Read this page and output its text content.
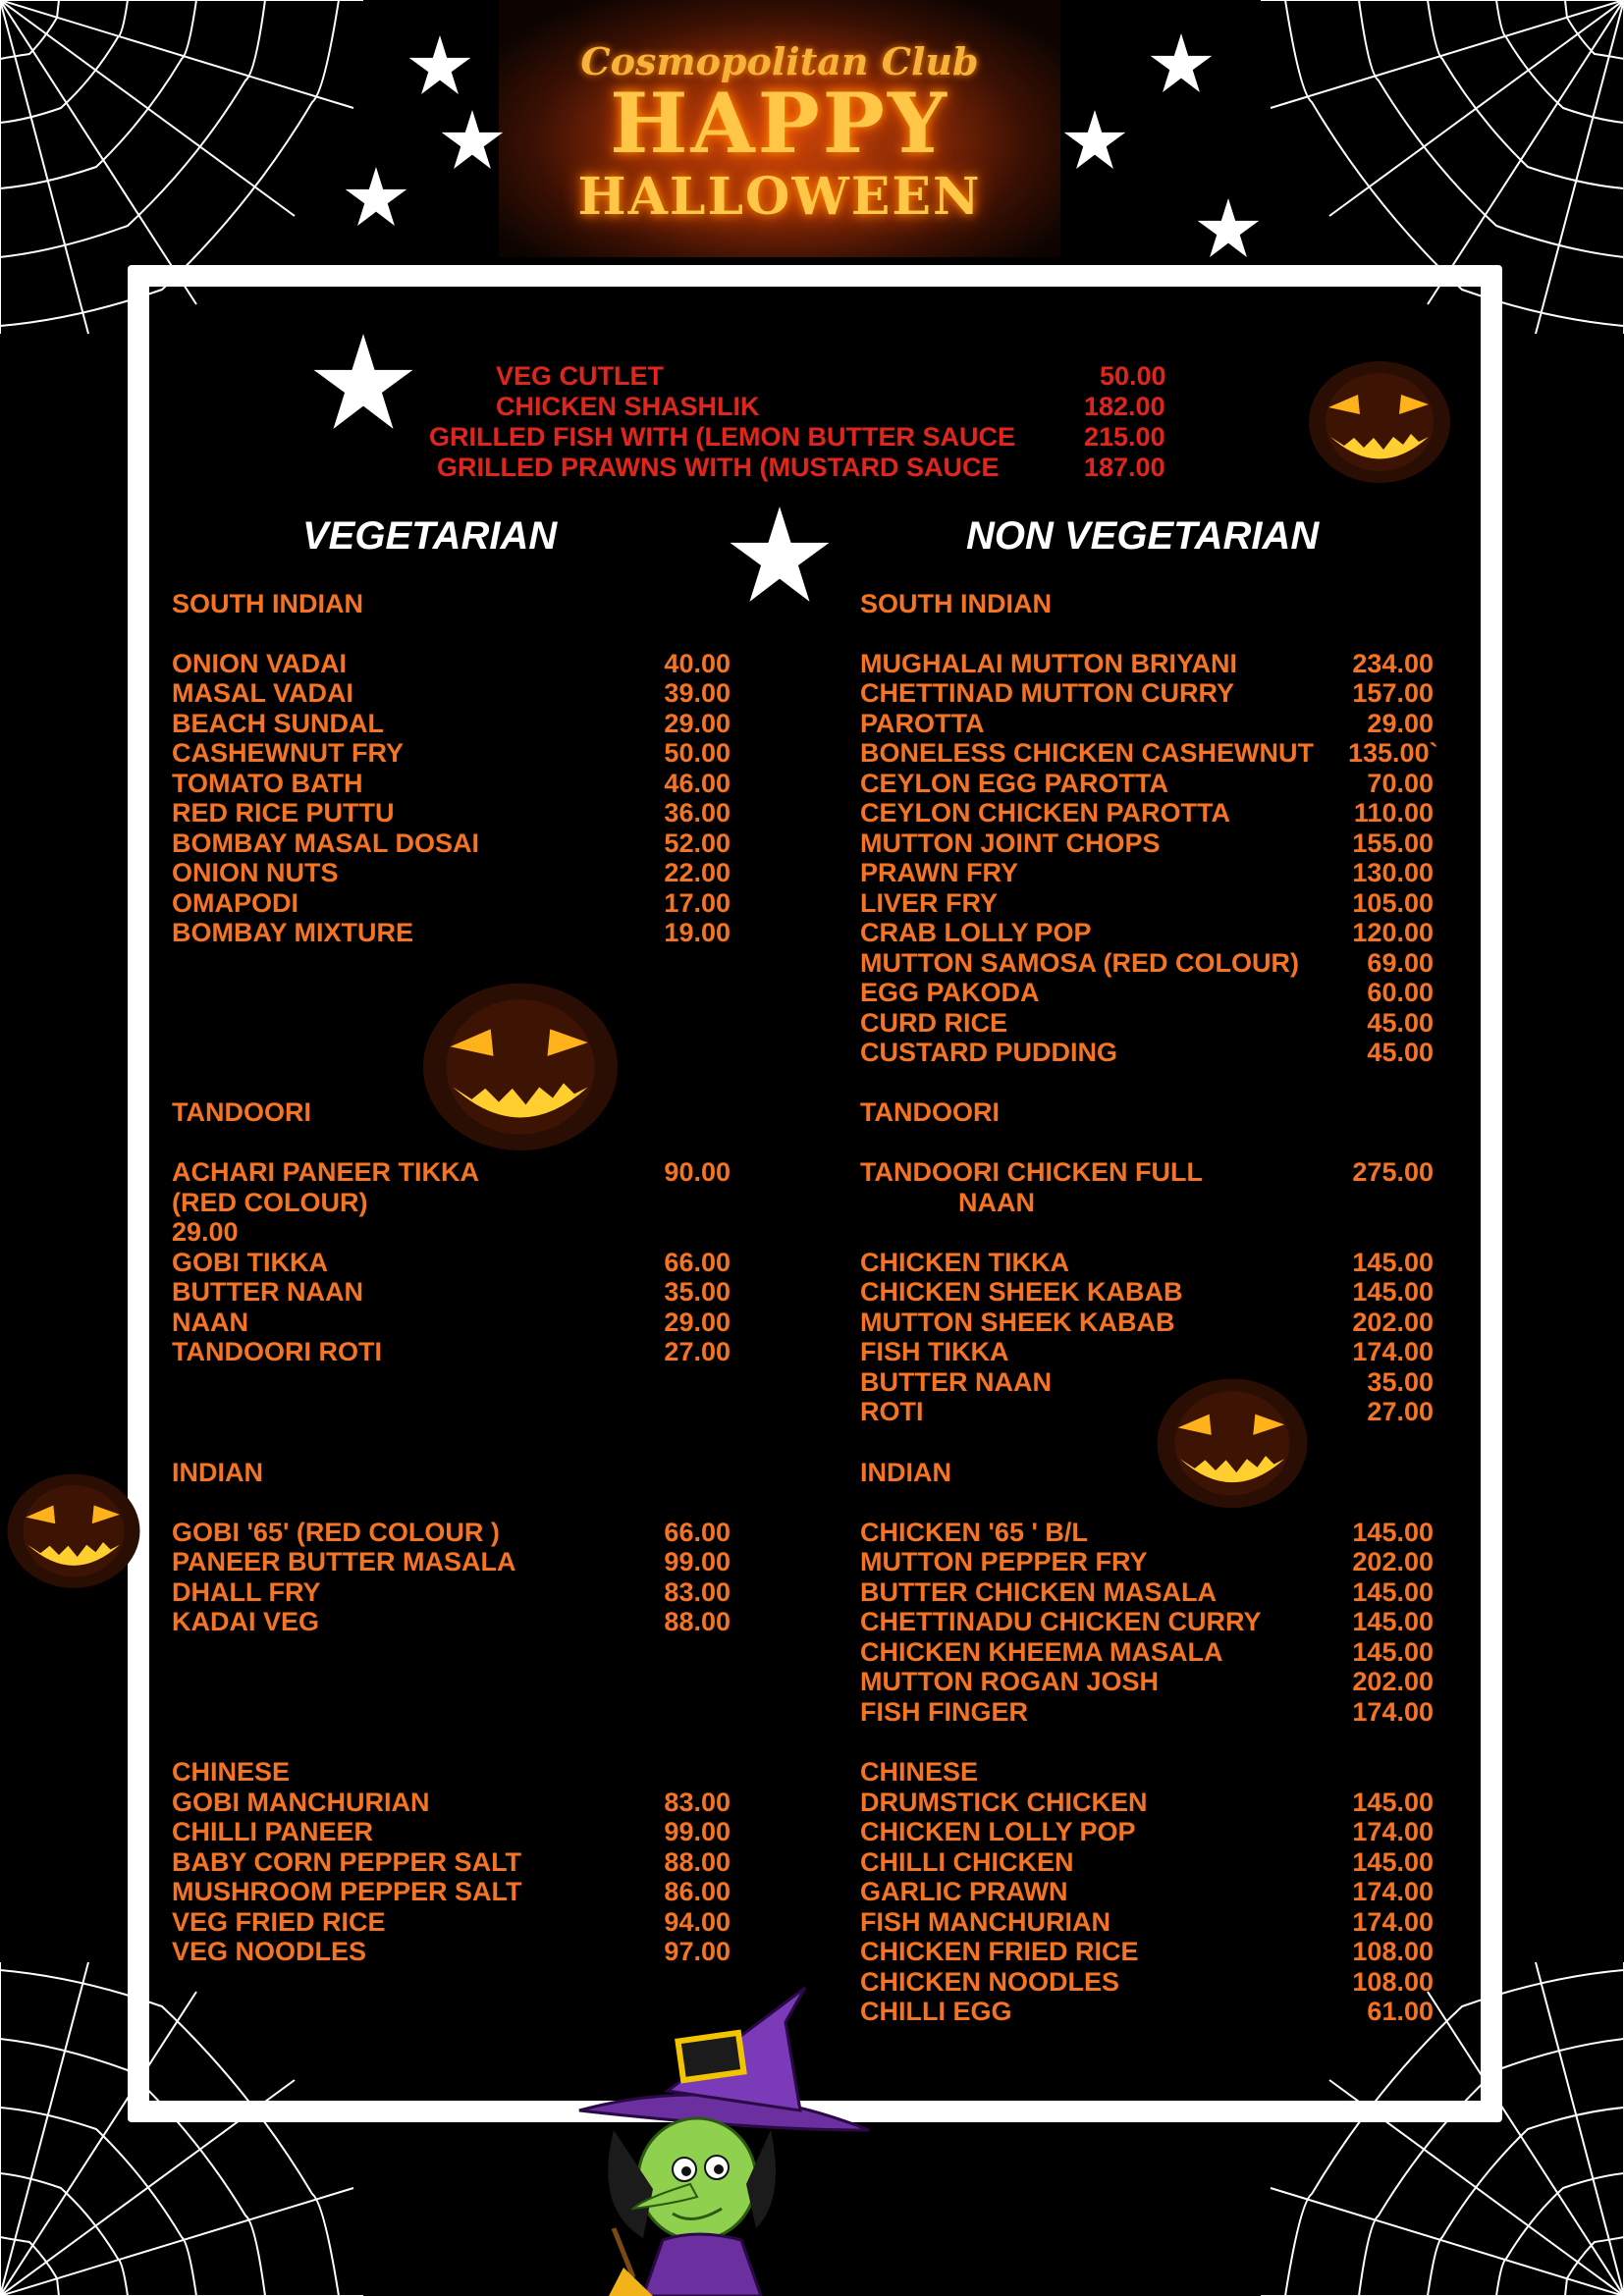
Cosmopolitan Club
HAPPY
HALLOWEEN
VEG CUTLET	50.00
CHICKEN SHASHLIK	182.00
GRILLED FISH WITH (LEMON BUTTER SAUCE	215.00
GRILLED PRAWNS WITH (MUSTARD SAUCE	187.00
VEGETARIAN	NON VEGETARIAN
SOUTH INDIAN
ONION VADAI	40.00
MASAL VADAI	39.00
BEACH SUNDAL	29.00
CASHEWNUT FRY	50.00
TOMATO BATH	46.00
RED RICE PUTTU	36.00
BOMBAY MASAL DOSAI	52.00
ONION NUTS	22.00
OMAPODI	17.00
BOMBAY MIXTURE	19.00
TANDOORI
ACHARI PANEER TIKKA	90.00
(RED COLOUR)
29.00
GOBI TIKKA	66.00
BUTTER NAAN	35.00
NAAN	29.00
TANDOORI ROTI	27.00
INDIAN
GOBI '65' (RED COLOUR )	66.00
PANEER BUTTER MASALA	99.00
DHALL FRY	83.00
KADAI VEG	88.00
CHINESE
GOBI MANCHURIAN	83.00
CHILLI PANEER	99.00
BABY CORN PEPPER SALT	88.00
MUSHROOM PEPPER SALT	86.00
VEG FRIED RICE	94.00
VEG NOODLES	97.00
SOUTH INDIAN
MUGHALAI MUTTON BRIYANI	234.00
CHETTINAD MUTTON CURRY	157.00
PAROTTA	29.00
BONELESS CHICKEN CASHEWNUT 135.00`
CEYLON EGG PAROTTA	70.00
CEYLON CHICKEN PAROTTA	110.00
MUTTON JOINT CHOPS	155.00
PRAWN FRY	130.00
LIVER FRY	105.00
CRAB LOLLY POP	120.00
MUTTON SAMOSA (RED COLOUR)	69.00
EGG PAKODA	60.00
CURD RICE	45.00
CUSTARD PUDDING	45.00
TANDOORI
TANDOORI CHICKEN FULL	275.00
NAAN
CHICKEN TIKKA	145.00
CHICKEN SHEEK KABAB	145.00
MUTTON SHEEK KABAB	202.00
FISH TIKKA	174.00
BUTTER NAAN	35.00
ROTI	27.00
INDIAN
CHICKEN '65 ' B/L	145.00
MUTTON PEPPER FRY	202.00
BUTTER CHICKEN MASALA	145.00
CHETTINADU CHICKEN CURRY	145.00
CHICKEN KHEEMA MASALA	145.00
MUTTON ROGAN JOSH	202.00
FISH FINGER	174.00
CHINESE
DRUMSTICK CHICKEN	145.00
CHICKEN LOLLY POP	174.00
CHILLI CHICKEN	145.00
GARLIC PRAWN	174.00
FISH MANCHURIAN	174.00
CHICKEN FRIED RICE	108.00
CHICKEN NOODLES	108.00
CHILLI EGG	61.00
